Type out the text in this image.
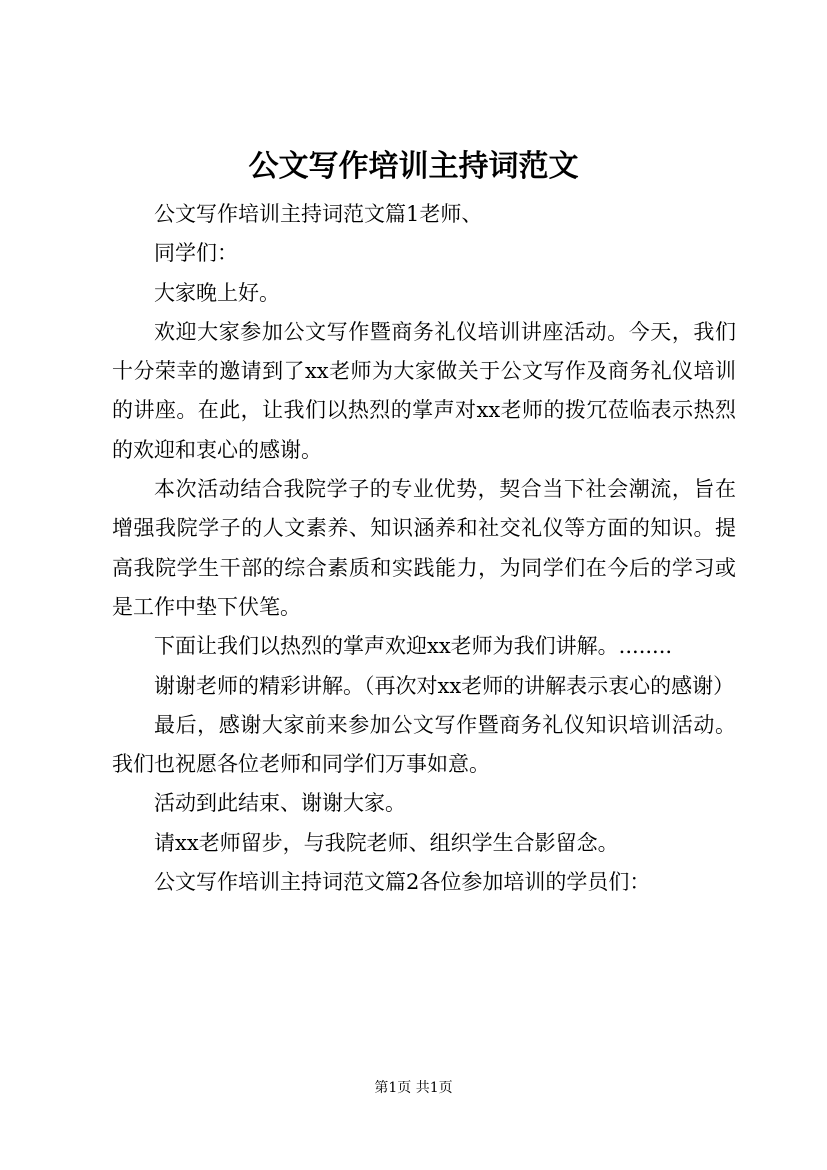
公文写作培训主持词范文

公文写作培训主持词范文篇1老师、

同学们：

大家晚上好。

欢迎大家参加公文写作暨商务礼仪培训讲座活动。今天，我们十分荣幸的邀请到了xx老师为大家做关于公文写作及商务礼仪培训的讲座。在此，让我们以热烈的掌声对xx老师的拨冗莅临表示热烈的欢迎和衷心的感谢。

本次活动结合我院学子的专业优势，契合当下社会潮流，旨在增强我院学子的人文素养、知识涵养和社交礼仪等方面的知识。提高我院学生干部的综合素质和实践能力，为同学们在今后的学习或是工作中垫下伏笔。

下面让我们以热烈的掌声欢迎xx老师为我们讲解。........

谢谢老师的精彩讲解。（再次对xx老师的讲解表示衷心的感谢）

最后，感谢大家前来参加公文写作暨商务礼仪知识培训活动。我们也祝愿各位老师和同学们万事如意。

活动到此结束、谢谢大家。

请xx老师留步，与我院老师、组织学生合影留念。

公文写作培训主持词范文篇2各位参加培训的学员们：

第1页 共1页
